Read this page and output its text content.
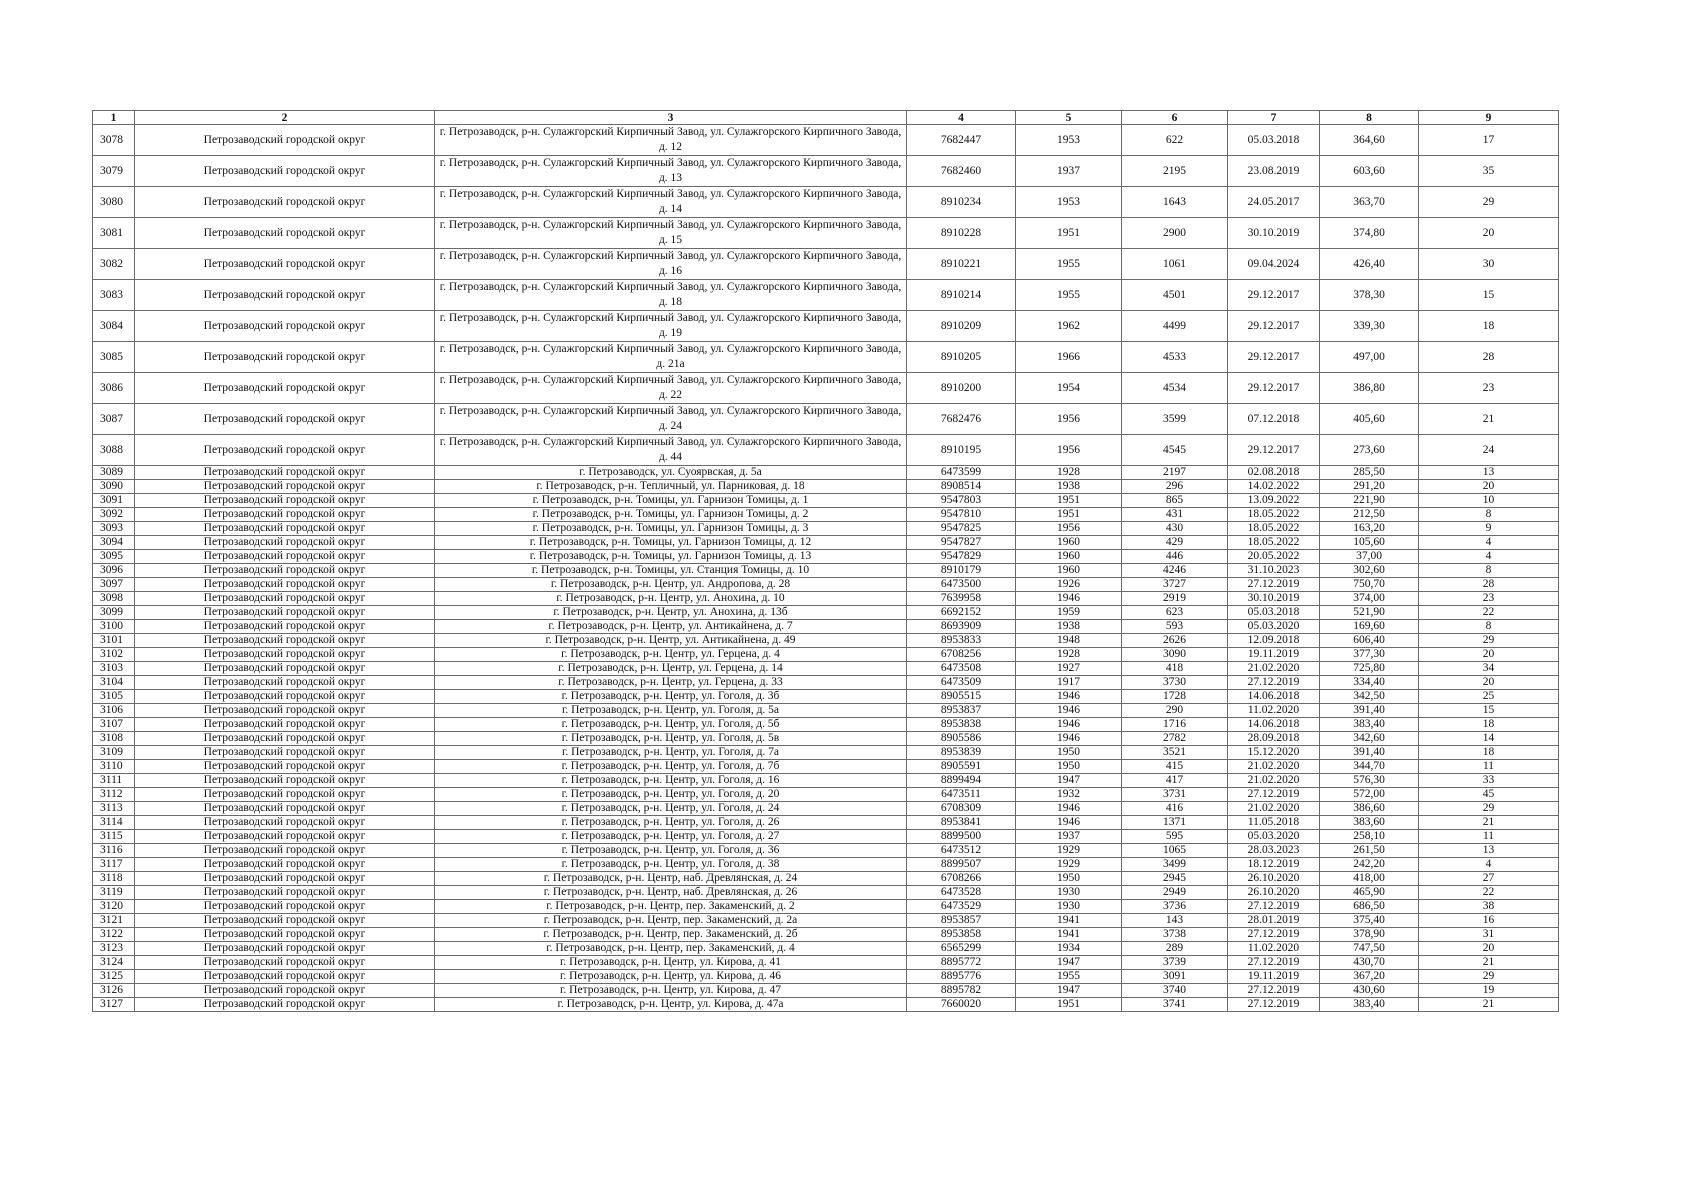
1	2	3	4	5	6	7	8	9
3078	Петрозаводский городской округ	г. Петрозаводск, р-н. Сулажгорский Кирпичный Завод, ул. Сулажгорского Кирпичного Завода, д. 12	7682447	1953	622	05.03.2018	364,60	17
3079	Петрозаводский городской округ	г. Петрозаводск, р-н. Сулажгорский Кирпичный Завод, ул. Сулажгорского Кирпичного Завода, д. 13	7682460	1937	2195	23.08.2019	603,60	35
3080	Петрозаводский городской округ	г. Петрозаводск, р-н. Сулажгорский Кирпичный Завод, ул. Сулажгорского Кирпичного Завода, д. 14	8910234	1953	1643	24.05.2017	363,70	29
3081	Петрозаводский городской округ	г. Петрозаводск, р-н. Сулажгорский Кирпичный Завод, ул. Сулажгорского Кирпичного Завода, д. 15	8910228	1951	2900	30.10.2019	374,80	20
3082	Петрозаводский городской округ	г. Петрозаводск, р-н. Сулажгорский Кирпичный Завод, ул. Сулажгорского Кирпичного Завода, д. 16	8910221	1955	1061	09.04.2024	426,40	30
3083	Петрозаводский городской округ	г. Петрозаводск, р-н. Сулажгорский Кирпичный Завод, ул. Сулажгорского Кирпичного Завода, д. 18	8910214	1955	4501	29.12.2017	378,30	15
3084	Петрозаводский городской округ	г. Петрозаводск, р-н. Сулажгорский Кирпичный Завод, ул. Сулажгорского Кирпичного Завода, д. 19	8910209	1962	4499	29.12.2017	339,30	18
3085	Петрозаводский городской округ	г. Петрозаводск, р-н. Сулажгорский Кирпичный Завод, ул. Сулажгорского Кирпичного Завода, д. 21а	8910205	1966	4533	29.12.2017	497,00	28
3086	Петрозаводский городской округ	г. Петрозаводск, р-н. Сулажгорский Кирпичный Завод, ул. Сулажгорского Кирпичного Завода, д. 22	8910200	1954	4534	29.12.2017	386,80	23
3087	Петрозаводский городской округ	г. Петрозаводск, р-н. Сулажгорский Кирпичный Завод, ул. Сулажгорского Кирпичного Завода, д. 24	7682476	1956	3599	07.12.2018	405,60	21
3088	Петрозаводский городской округ	г. Петрозаводск, р-н. Сулажгорский Кирпичный Завод, ул. Сулажгорского Кирпичного Завода, д. 44	8910195	1956	4545	29.12.2017	273,60	24
3089	Петрозаводский городской округ	г. Петрозаводск, ул. Суоярвская, д. 5а	6473599	1928	2197	02.08.2018	285,50	13
3090	Петрозаводский городской округ	г. Петрозаводск, р-н. Тепличный, ул. Парниковая, д. 18	8908514	1938	296	14.02.2022	291,20	20
3091	Петрозаводский городской округ	г. Петрозаводск, р-н. Томицы, ул. Гарнизон Томицы, д. 1	9547803	1951	865	13.09.2022	221,90	10
3092	Петрозаводский городской округ	г. Петрозаводск, р-н. Томицы, ул. Гарнизон Томицы, д. 2	9547810	1951	431	18.05.2022	212,50	8
3093	Петрозаводский городской округ	г. Петрозаводск, р-н. Томицы, ул. Гарнизон Томицы, д. 3	9547825	1956	430	18.05.2022	163,20	9
3094	Петрозаводский городской округ	г. Петрозаводск, р-н. Томицы, ул. Гарнизон Томицы, д. 12	9547827	1960	429	18.05.2022	105,60	4
3095	Петрозаводский городской округ	г. Петрозаводск, р-н. Томицы, ул. Гарнизон Томицы, д. 13	9547829	1960	446	20.05.2022	37,00	4
3096	Петрозаводский городской округ	г. Петрозаводск, р-н. Томицы, ул. Станция Томицы, д. 10	8910179	1960	4246	31.10.2023	302,60	8
3097	Петрозаводский городской округ	г. Петрозаводск, р-н. Центр, ул. Андропова, д. 28	6473500	1926	3727	27.12.2019	750,70	28
3098	Петрозаводский городской округ	г. Петрозаводск, р-н. Центр, ул. Анохина, д. 10	7639958	1946	2919	30.10.2019	374,00	23
3099	Петрозаводский городской округ	г. Петрозаводск, р-н. Центр, ул. Анохина, д. 13б	6692152	1959	623	05.03.2018	521,90	22
3100	Петрозаводский городской округ	г. Петрозаводск, р-н. Центр, ул. Антикайнена, д. 7	8693909	1938	593	05.03.2020	169,60	8
3101	Петрозаводский городской округ	г. Петрозаводск, р-н. Центр, ул. Антикайнена, д. 49	8953833	1948	2626	12.09.2018	606,40	29
3102	Петрозаводский городской округ	г. Петрозаводск, р-н. Центр, ул. Герцена, д. 4	6708256	1928	3090	19.11.2019	377,30	20
3103	Петрозаводский городской округ	г. Петрозаводск, р-н. Центр, ул. Герцена, д. 14	6473508	1927	418	21.02.2020	725,80	34
3104	Петрозаводский городской округ	г. Петрозаводск, р-н. Центр, ул. Герцена, д. 33	6473509	1917	3730	27.12.2019	334,40	20
3105	Петрозаводский городской округ	г. Петрозаводск, р-н. Центр, ул. Гоголя, д. 3б	8905515	1946	1728	14.06.2018	342,50	25
3106	Петрозаводский городской округ	г. Петрозаводск, р-н. Центр, ул. Гоголя, д. 5а	8953837	1946	290	11.02.2020	391,40	15
3107	Петрозаводский городской округ	г. Петрозаводск, р-н. Центр, ул. Гоголя, д. 5б	8953838	1946	1716	14.06.2018	383,40	18
3108	Петрозаводский городской округ	г. Петрозаводск, р-н. Центр, ул. Гоголя, д. 5в	8905586	1946	2782	28.09.2018	342,60	14
3109	Петрозаводский городской округ	г. Петрозаводск, р-н. Центр, ул. Гоголя, д. 7а	8953839	1950	3521	15.12.2020	391,40	18
3110	Петрозаводский городской округ	г. Петрозаводск, р-н. Центр, ул. Гоголя, д. 7б	8905591	1950	415	21.02.2020	344,70	11
3111	Петрозаводский городской округ	г. Петрозаводск, р-н. Центр, ул. Гоголя, д. 16	8899494	1947	417	21.02.2020	576,30	33
3112	Петрозаводский городской округ	г. Петрозаводск, р-н. Центр, ул. Гоголя, д. 20	6473511	1932	3731	27.12.2019	572,00	45
3113	Петрозаводский городской округ	г. Петрозаводск, р-н. Центр, ул. Гоголя, д. 24	6708309	1946	416	21.02.2020	386,60	29
3114	Петрозаводский городской округ	г. Петрозаводск, р-н. Центр, ул. Гоголя, д. 26	8953841	1946	1371	11.05.2018	383,60	21
3115	Петрозаводский городской округ	г. Петрозаводск, р-н. Центр, ул. Гоголя, д. 27	8899500	1937	595	05.03.2020	258,10	11
3116	Петрозаводский городской округ	г. Петрозаводск, р-н. Центр, ул. Гоголя, д. 36	6473512	1929	1065	28.03.2023	261,50	13
3117	Петрозаводский городской округ	г. Петрозаводск, р-н. Центр, ул. Гоголя, д. 38	8899507	1929	3499	18.12.2019	242,20	4
3118	Петрозаводский городской округ	г. Петрозаводск, р-н. Центр, наб. Древлянская, д. 24	6708266	1950	2945	26.10.2020	418,00	27
3119	Петрозаводский городской округ	г. Петрозаводск, р-н. Центр, наб. Древлянская, д. 26	6473528	1930	2949	26.10.2020	465,90	22
3120	Петрозаводский городской округ	г. Петрозаводск, р-н. Центр, пер. Закаменский, д. 2	6473529	1930	3736	27.12.2019	686,50	38
3121	Петрозаводский городской округ	г. Петрозаводск, р-н. Центр, пер. Закаменский, д. 2а	8953857	1941	143	28.01.2019	375,40	16
3122	Петрозаводский городской округ	г. Петрозаводск, р-н. Центр, пер. Закаменский, д. 2б	8953858	1941	3738	27.12.2019	378,90	31
3123	Петрозаводский городской округ	г. Петрозаводск, р-н. Центр, пер. Закаменский, д. 4	6565299	1934	289	11.02.2020	747,50	20
3124	Петрозаводский городской округ	г. Петрозаводск, р-н. Центр, ул. Кирова, д. 41	8895772	1947	3739	27.12.2019	430,70	21
3125	Петрозаводский городской округ	г. Петрозаводск, р-н. Центр, ул. Кирова, д. 46	8895776	1955	3091	19.11.2019	367,20	29
3126	Петрозаводский городской округ	г. Петрозаводск, р-н. Центр, ул. Кирова, д. 47	8895782	1947	3740	27.12.2019	430,60	19
3127	Петрозаводский городской округ	г. Петрозаводск, р-н. Центр, ул. Кирова, д. 47а	7660020	1951	3741	27.12.2019	383,40	21
